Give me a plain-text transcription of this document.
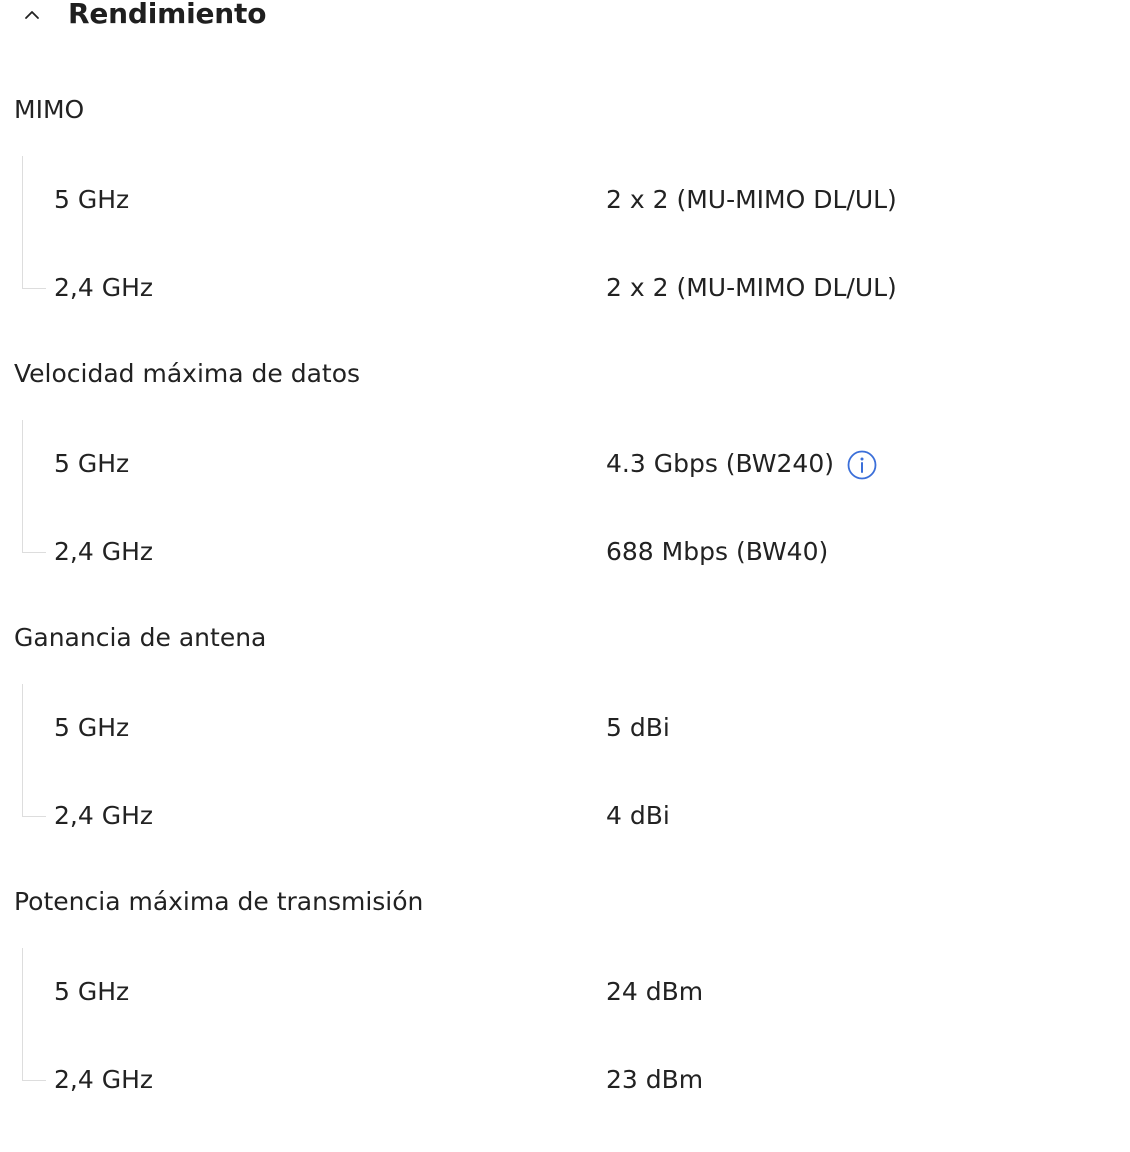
Rendimiento
MIMO
5 GHz	2 x 2 (MU-MIMO DL/UL)
2,4 GHz	2 x 2 (MU-MIMO DL/UL)
Velocidad máxima de datos
5 GHz	4.3 Gbps (BW240)
2,4 GHz	688 Mbps (BW40)
Ganancia de antena
5 GHz	5 dBi
2,4 GHz	4 dBi
Potencia máxima de transmisión
5 GHz	24 dBm
2,4 GHz	23 dBm
